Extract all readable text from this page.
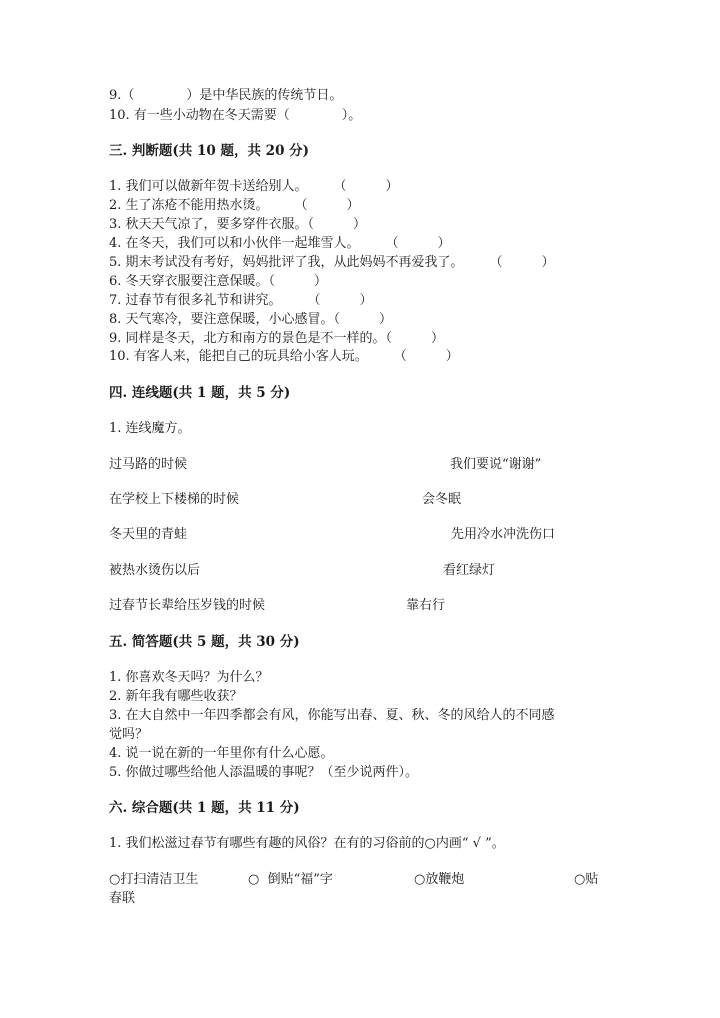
9.（　　　　）是中华民族的传统节日。
10. 有一些小动物在冬天需要（　　　　）。
三. 判断题(共 10 题，共 20 分)
1. 我们可以做新年贺卡送给别人。　　　（　　　）
2. 生了冻疮不能用热水烫。　　　（　　　）
3. 秋天天气凉了，要多穿件衣服。（　　　）
4. 在冬天，我们可以和小伙伴一起堆雪人。　　　（　　　）
5. 期末考试没有考好，妈妈批评了我，从此妈妈不再爱我了。　　　（　　　）
6. 冬天穿衣服要注意保暖。（　　　）
7. 过春节有很多礼节和讲究。　　　（　　　）
8. 天气寒冷，要注意保暖，小心感冒。（　　　）
9. 同样是冬天，北方和南方的景色是不一样的。（　　　）
10. 有客人来，能把自己的玩具给小客人玩。　　　（　　　）
四. 连线题(共 1 题，共 5 分)
1. 连线魔方。
过马路的时候	我们要说“谢谢”
在学校上下楼梯的时候	会冬眠
冬天里的青蛙	先用冷水冲洗伤口
被热水烫伤以后	看红绿灯
过春节长辈给压岁钱的时候	靠右行
五. 简答题(共 5 题，共 30 分)
1. 你喜欢冬天吗？为什么？
2. 新年我有哪些收获？
3. 在大自然中一年四季都会有风，你能写出春、夏、秋、冬的风给人的不同感
觉吗？
4. 说一说在新的一年里你有什么心愿。
5. 你做过哪些给他人添温暖的事呢？（至少说两件）。
六. 综合题(共 1 题，共 11 分)
1. 我们松滋过春节有哪些有趣的风俗？在有的习俗前的○内画“ √ ”。
○打扫清洁卫生	○  倒贴“福”字	○放鞭炮	○贴
春联
